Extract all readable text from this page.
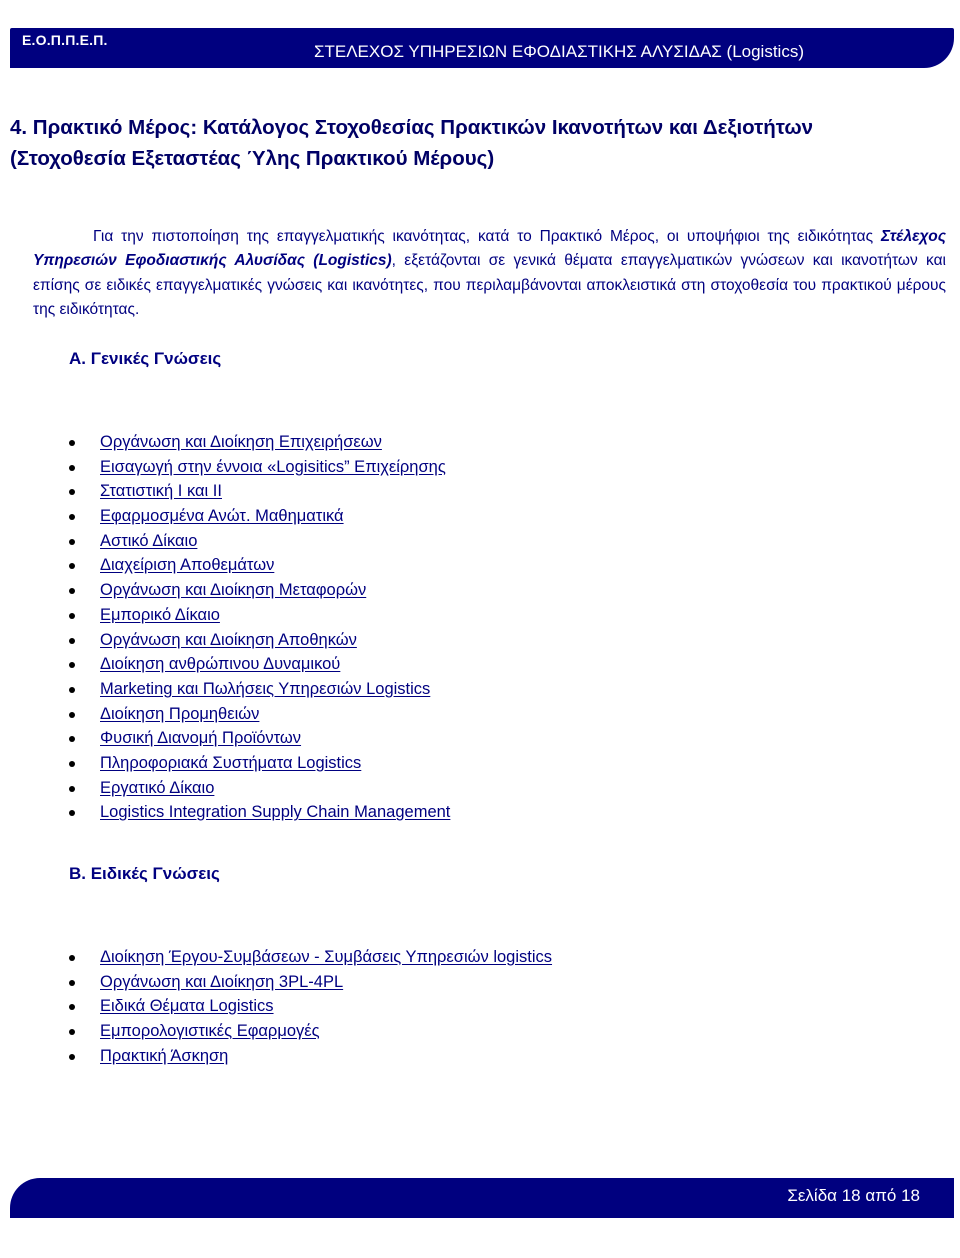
Ε.Ο.Π.Π.Ε.Π.
ΣΤΕΛΕΧΟΣ ΥΠΗΡΕΣΙΩΝ ΕΦΟΔΙΑΣΤΙΚΗΣ ΑΛΥΣΙΔΑΣ (Logistics)
4. Πρακτικό Μέρος: Κατάλογος Στοχοθεσίας Πρακτικών Ικανοτήτων και Δεξιοτήτων
(Στοχοθεσία Εξεταστέας Ύλης Πρακτικού Μέρους)

Για την πιστοποίηση της επαγγελματικής ικανότητας, κατά το Πρακτικό Μέρος, οι υποψήφιοι της ειδικότητας Στέλεχος Υπηρεσιών Εφοδιαστικής Αλυσίδας (Logistics), εξετάζονται σε γενικά θέματα επαγγελματικών γνώσεων και ικανοτήτων και επίσης σε ειδικές επαγγελματικές γνώσεις και ικανότητες, που περιλαμβάνονται αποκλειστικά στη στοχοθεσία του πρακτικού μέρους της ειδικότητας.

Α. Γενικές Γνώσεις
Οργάνωση και Διοίκηση Επιχειρήσεων
Εισαγωγή στην έννοια «Logisitics” Επιχείρησης
Στατιστική Ι και ΙΙ
Εφαρμοσμένα Ανώτ. Μαθηματικά
Αστικό Δίκαιο
Διαχείριση Αποθεμάτων
Οργάνωση και Διοίκηση Μεταφορών
Εμπορικό Δίκαιο
Οργάνωση και Διοίκηση Αποθηκών
Διοίκηση ανθρώπινου Δυναμικού
Marketing και Πωλήσεις Υπηρεσιών Logistics
Διοίκηση Προμηθειών
Φυσική Διανομή Προϊόντων
Πληροφοριακά Συστήματα Logistics
Εργατικό Δίκαιο
Logistics Integration Supply Chain Management
Β. Ειδικές Γνώσεις
Διοίκηση Έργου-Συμβάσεων - Συμβάσεις Υπηρεσιών logistics
Οργάνωση και Διοίκηση 3PL-4PL
Ειδικά Θέματα Logistics
Εμπορολογιστικές Εφαρμογές
Πρακτική Άσκηση
Σελίδα 18 από 18
